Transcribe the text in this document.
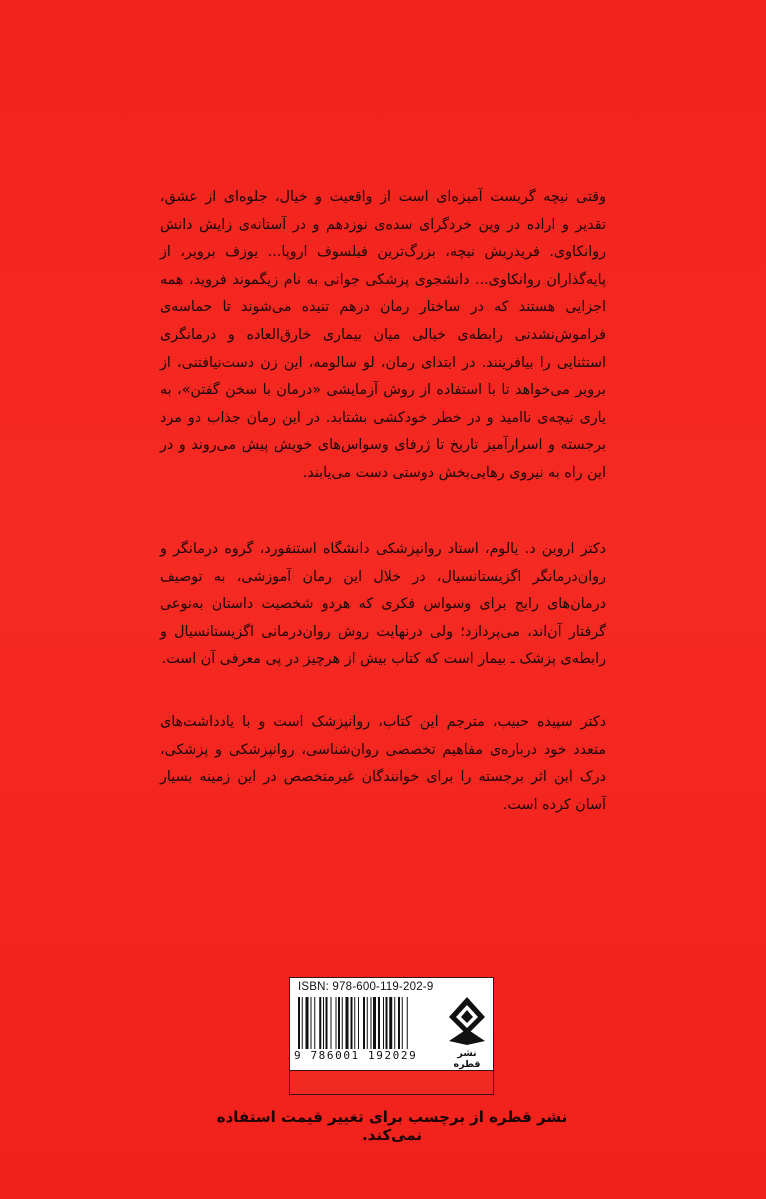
وقتی نیچه گریست آمیزه‌ای است از واقعیت و خیال، جلوه‌ای از عشق، تقدیر و اراده در وین خردگرای سده‌ی نوزدهم و در آستانه‌ی زایش دانش روانکاوی. فریدریش نیچه، بزرگ‌ترین فیلسوف اروپا... یوزف برویر، از پایه‌گذاران روانکاوی... دانشجوی پزشکی جوانی به نام زیگموند فروید، همه اجزایی هستند که در ساختار رمان درهم تنیده می‌شوند تا حماسه‌ی فراموش‌نشدنی رابطه‌ی خیالی میان بیماری خارق‌العاده و درمانگری استثنایی را بیافرینند. در ابتدای رمان، لو سالومه، این زن دست‌نیافتنی، از برویر می‌خواهد تا با استفاده از روش آزمایشی «درمان با سخن گفتن»، به یاری نیچه‌ی ناامید و در خطر خودکشی بشتابد. در این رمان جذاب دو مرد برجسته و اسرارآمیز تاریخ تا ژرفای وسواس‌های خویش پیش می‌روند و در این راه به نیروی رهایی‌بخش دوستی دست می‌یابند.

دکتر اروین د. یالوم، استاد روانپزشکی دانشگاه استنفورد، گروه درمانگر و روان‌درمانگر اگزیستانسیال، در خلال این رمان آموزشی، به توصیف درمان‌های رایج برای وسواس فکری که هردو شخصیت داستان به‌نوعی گرفتار آن‌اند، می‌پردازد؛ ولی درنهایت روش روان‌درمانی اگزیستانسیال و رابطه‌ی پزشک ـ بیمار است که کتاب بیش از هرچیز در پی معرفی آن است.

دکتر سپیده حبیب، مترجم این کتاب، روانپزشک است و با یادداشت‌های متعدد خود درباره‌ی مفاهیم تخصصی روان‌شناسی، روانپزشکی و پزشکی، درک این اثر برجسته را برای خوانندگان غیرمتخصص در این زمینه بسیار آسان کرده است.

ISBN: 978-600-119-202-9
9 786001 192029	نشر قطره
نشر قطره از برچسب برای تغییر قیمت استفاده نمی‌کند.
